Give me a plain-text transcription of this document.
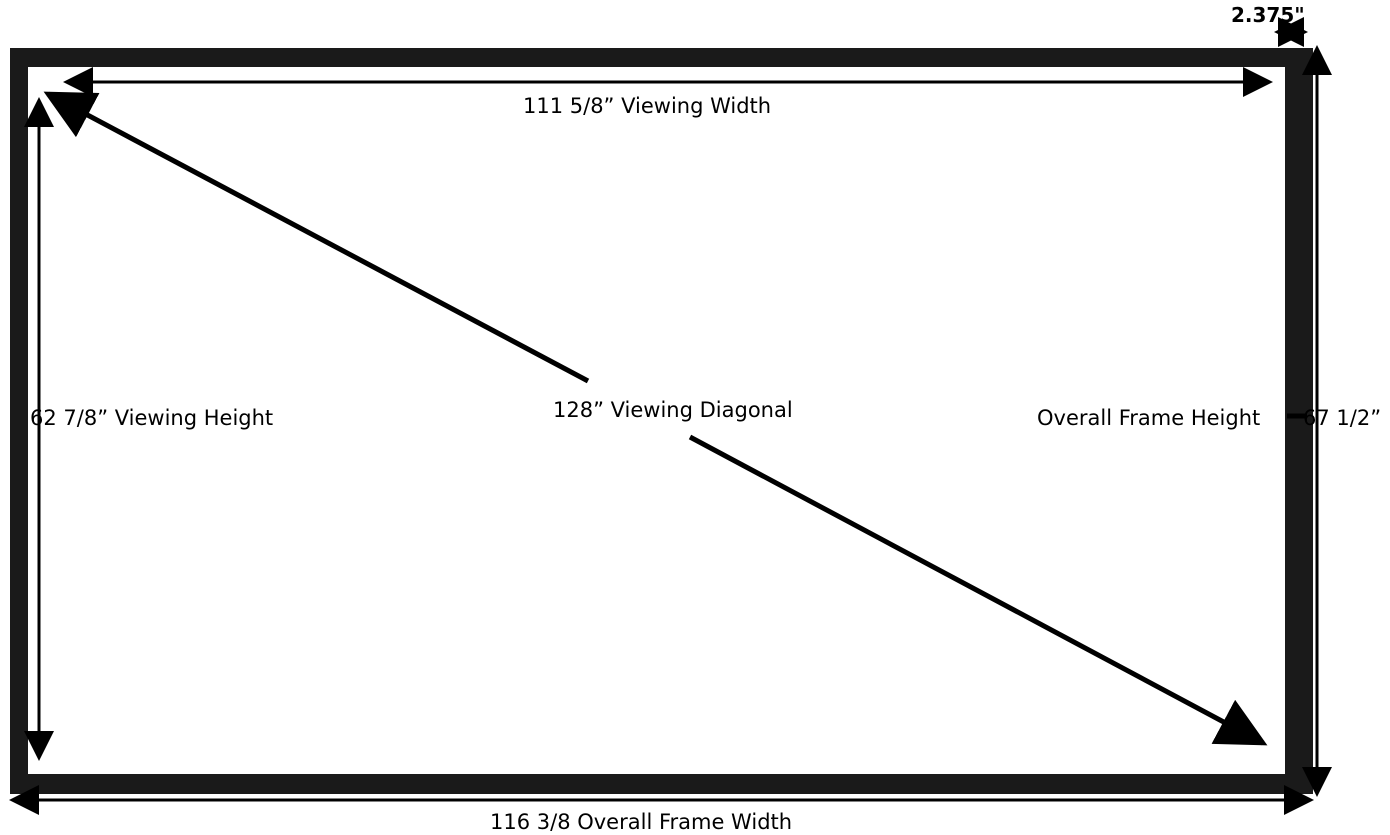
111 5/8” Viewing Width
62 7/8” Viewing Height	128” Viewing Diagonal	Overall Frame Height 67 1/2”
116 3/8 Overall Frame Width
2.375"
